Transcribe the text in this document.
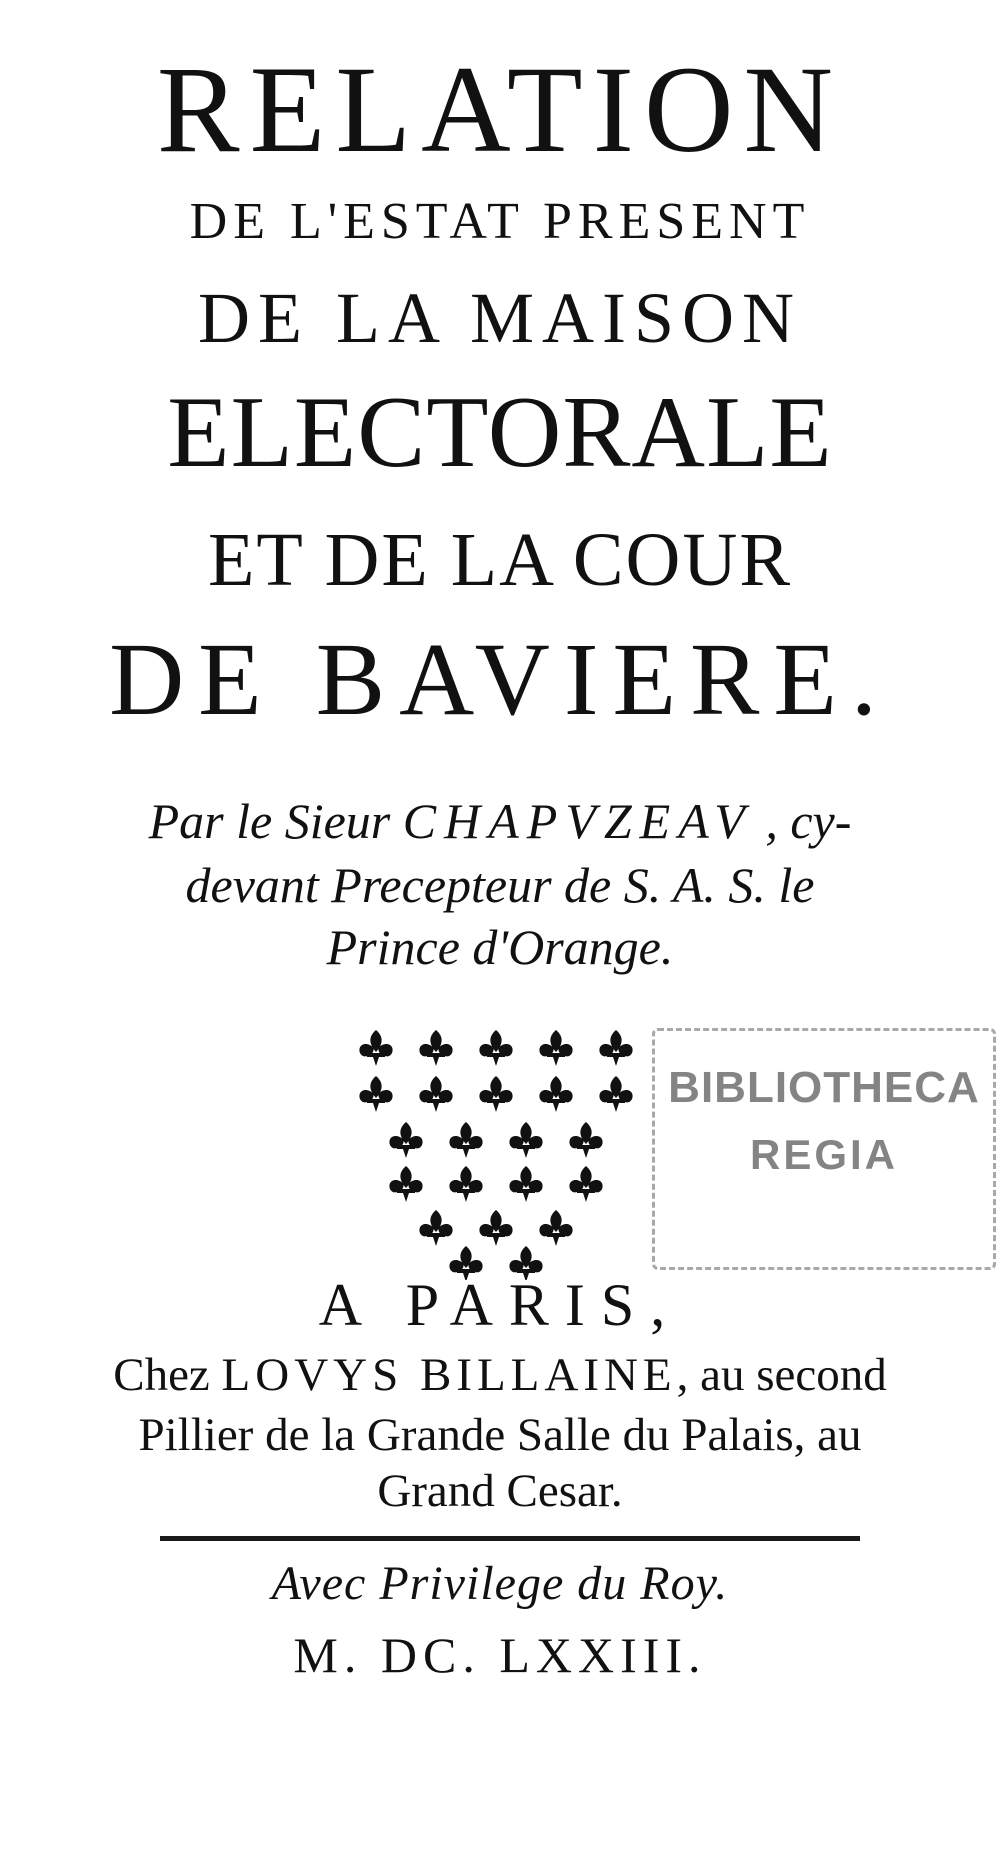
RELATION
DE L'ESTAT PRESENT
DE LA MAISON
ELECTORALE
ET DE LA COUR
DE BAVIERE.
Par le Sieur CHAPVZEAV , cy-
devant Precepteur de S. A. S. le
Prince d'Orange.
BIBLIOTHECA
REGIA
A PARIS,
Chez LOVYS BILLAINE, au second
Pillier de la Grande Salle du Palais, au
Grand Cesar.
Avec Privilege du Roy.
M. DC. LXXIII.
